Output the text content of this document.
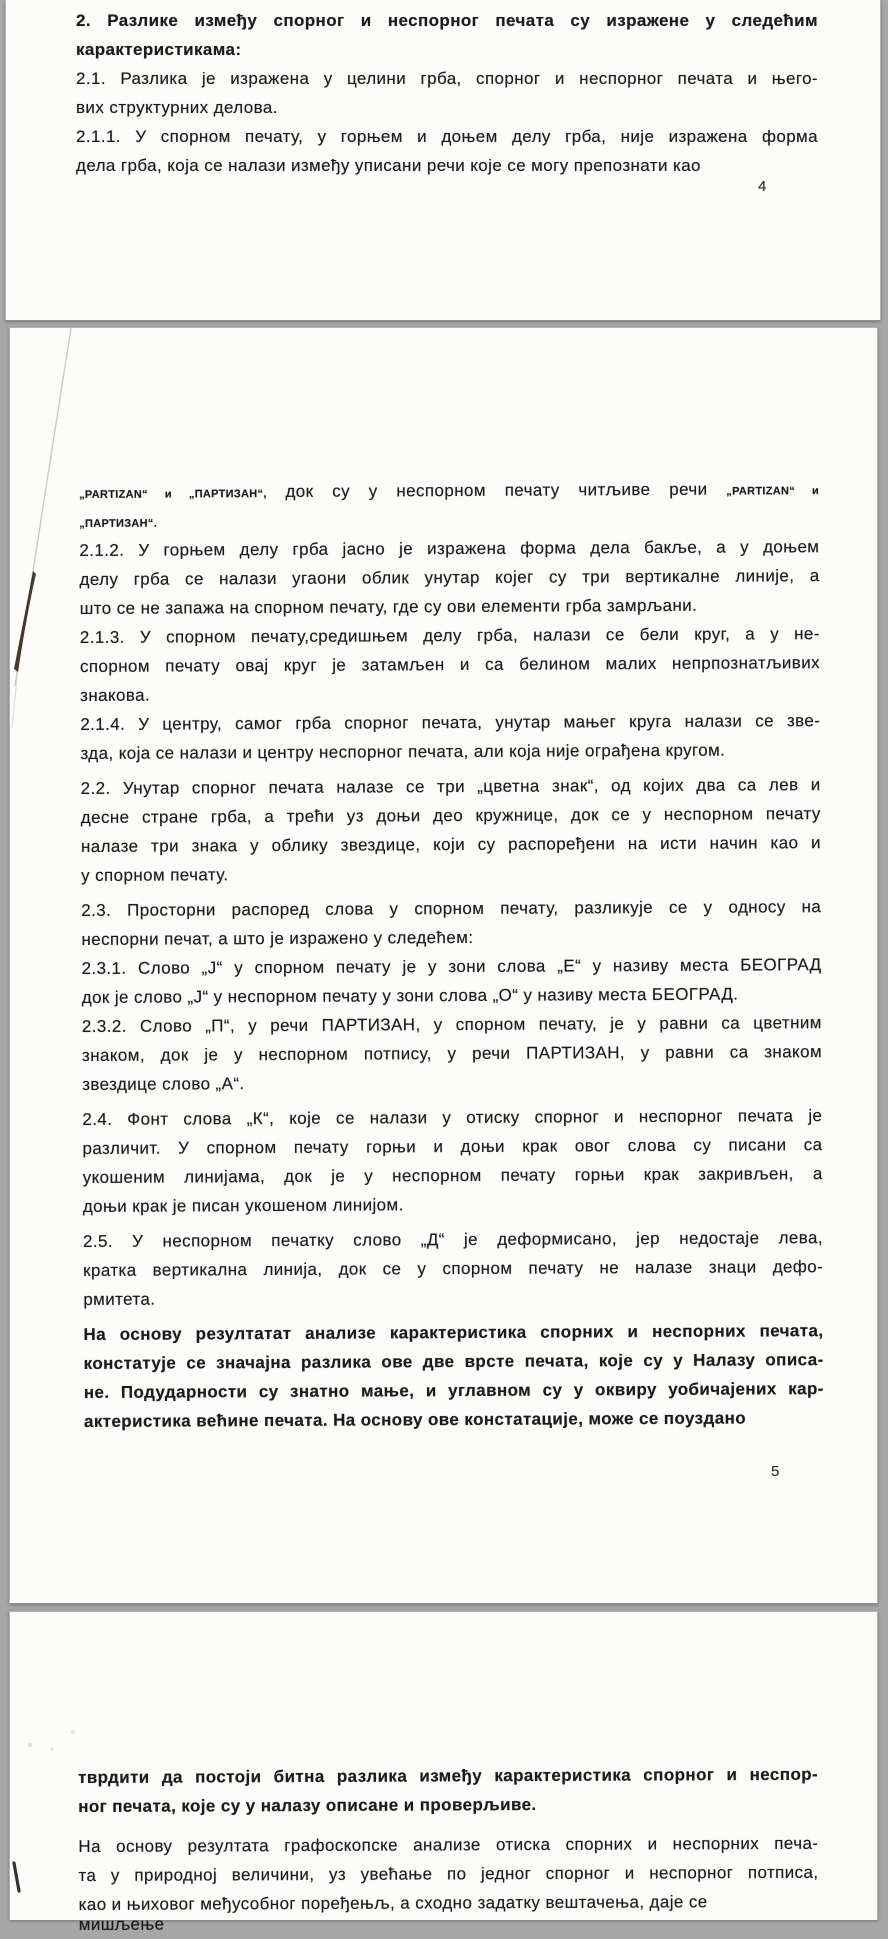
2. Разлике између спорног и неспорног печата су изражене у следећим
карактеристикама:
2.1. Разлика је изражена у целини грба, спорног и неспорног печата и њего-
вих структурних делова.
2.1.1. У спорном печату, у горњем и доњем делу грба, није изражена форма
дела грба, која се налази између уписани речи које се могу препознати као
4
„PARTIZAN“ и „ПАРТИЗАН“, док су у неспорном печату читљиве речи „PARTIZAN“ и
„ПАРТИЗАН“.
2.1.2. У горњем делу грба јасно је изражена форма дела бакље, а у доњем
делу грба се налази угаони облик унутар којег су три вертикалне линије, а
што се не запажа на спорном печату, где су ови елементи грба замрљани.
2.1.3. У спорном печату,средишњем делу грба, налази се бели круг, а у не-
спорном печату овај круг је затамљен и са белином малих непрпознатљивих
знакова.
2.1.4. У центру, самог грба спорног печата, унутар мањег круга налази се зве-
зда, која се налази и центру неспорног печата, али која није ограђена кругом.
2.2. Унутар спорног печата налазе се три „цветна знак“, од којих два са лев и
десне стране грба, а трећи уз доњи део кружнице, док се у неспорном печату
налазе три знака у облику звездице, који су распоређени на исти начин као и
у спорном печату.
2.3. Просторни распоред слова у спорном печату, разликује се у односу на
неспорни печат, а што је изражено у следећем:
2.3.1. Слово „Ј“ у спорном печату је у зони слова „Е“ у називу места БЕОГРАД
док је слово „Ј“ у неспорном печату у зони слова „О“ у називу места БЕОГРАД.
2.3.2. Слово „П“, у речи ПАРТИЗАН, у спорном печату, је у равни са цветним
знаком, док је у неспорном потпису, у речи ПАРТИЗАН, у равни са знаком
звездице слово „А“.
2.4. Фонт слова „К“, које се налази у отиску спорног и неспорног печата је
различит. У спорном печату горњи и доњи крак овог слова су писани са
укошеним линијама, док је у неспорном печату горњи крак закривљен, а
доњи крак је писан укошеном линијом.
2.5. У неспорном печатку слово „Д“ је деформисано, јер недостаје лева,
кратка вертикална линија, док се у спорном печату не налазе знаци дефо-
рмитета.
На основу резултатат анализе карактеристика спорних и неспорних печата,
констатује се значајна разлика ове две врсте печата, које су у Налазу описа-
не. Подударности су знатно мање, и углавном су у оквиру уобичајених кар-
актеристика већине печата. На основу ове констатације, може се поуздано
5
тврдити да постоји битна разлика између карактеристика спорног и неспор-
ног печата, које су у налазу описане и проверљиве.
На основу резултата графоскопске анализе отиска спорних и неспорних печа-
та у природној величини, уз увећање по једног спорног и неспорног потписа,
као и њиховог међусобног поређењљ, а сходно задатку вештачења, даје се
мишљење
